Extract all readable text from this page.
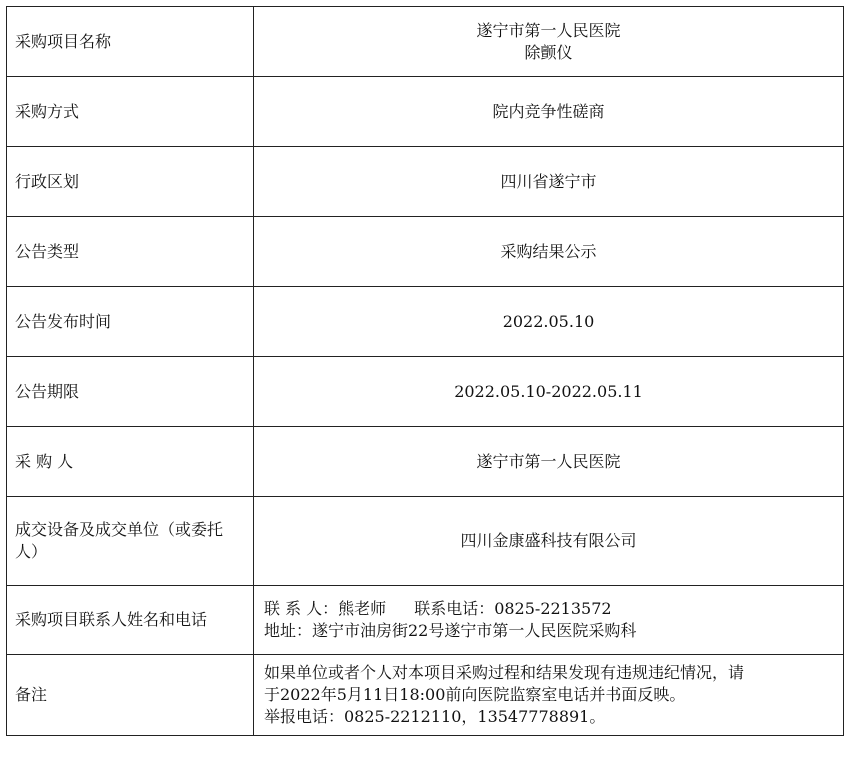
采购项目名称	遂宁市第一人民医院
除颤仪

采购方式	院内竞争性磋商
行政区划	四川省遂宁市
公告类型	采购结果公示
公告发布时间	2022.05.10
公告期限	2022.05.10-2022.05.11
采 购 人	遂宁市第一人民医院
成交设备及成交单位（或委托人）	四川金康盛科技有限公司
采购项目联系人姓名和电话	联 系 人：熊老师 联系电话：0825-2213572
地址：遂宁市油房街22号遂宁市第一人民医院采购科

备注	如果单位或者个人对本项目采购过程和结果发现有违规违纪情况，请
于2022年5月11日18:00前向医院监察室电话并书面反映。
举报电话：0825-2212110，13547778891。
